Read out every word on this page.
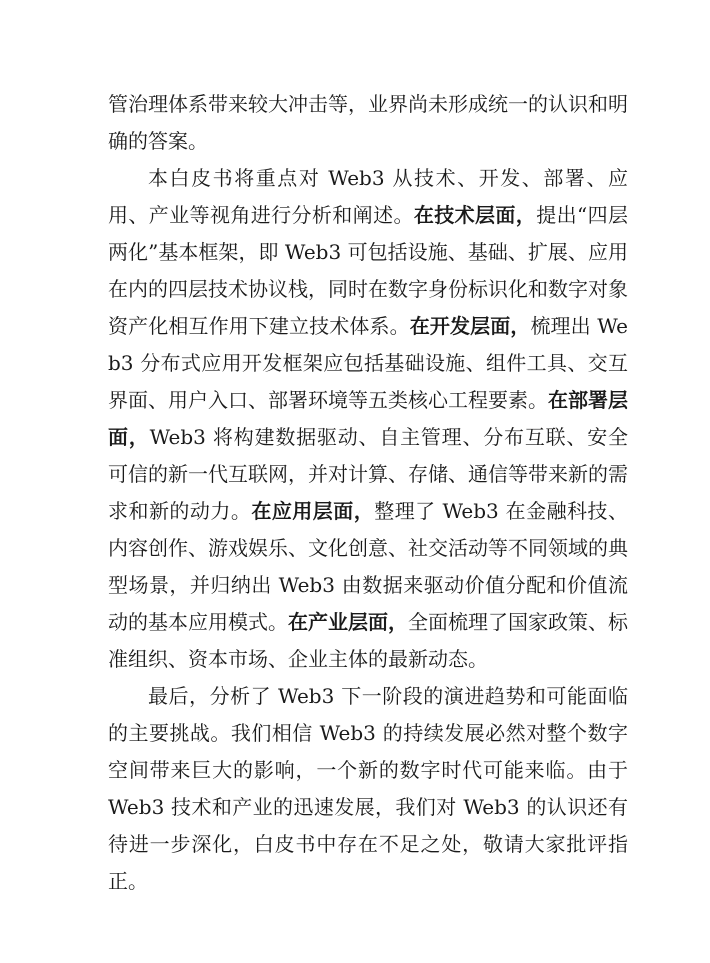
管治理体系带来较大冲击等，业界尚未形成统一的认识和明确的答案。

本白皮书将重点对 Web3 从技术、开发、部署、应用、产业等视角进行分析和阐述。在技术层面，提出“四层两化”基本框架，即 Web3 可包括设施、基础、扩展、应用在内的四层技术协议栈，同时在数字身份标识化和数字对象资产化相互作用下建立技术体系。在开发层面，梳理出 Web3 分布式应用开发框架应包括基础设施、组件工具、交互界面、用户入口、部署环境等五类核心工程要素。在部署层面，Web3 将构建数据驱动、自主管理、分布互联、安全可信的新一代互联网，并对计算、存储、通信等带来新的需求和新的动力。在应用层面，整理了 Web3 在金融科技、内容创作、游戏娱乐、文化创意、社交活动等不同领域的典型场景，并归纳出 Web3 由数据来驱动价值分配和价值流动的基本应用模式。在产业层面，全面梳理了国家政策、标准组织、资本市场、企业主体的最新动态。

最后，分析了 Web3 下一阶段的演进趋势和可能面临的主要挑战。我们相信 Web3 的持续发展必然对整个数字空间带来巨大的影响，一个新的数字时代可能来临。由于 Web3 技术和产业的迅速发展，我们对 Web3 的认识还有待进一步深化，白皮书中存在不足之处，敬请大家批评指正。
